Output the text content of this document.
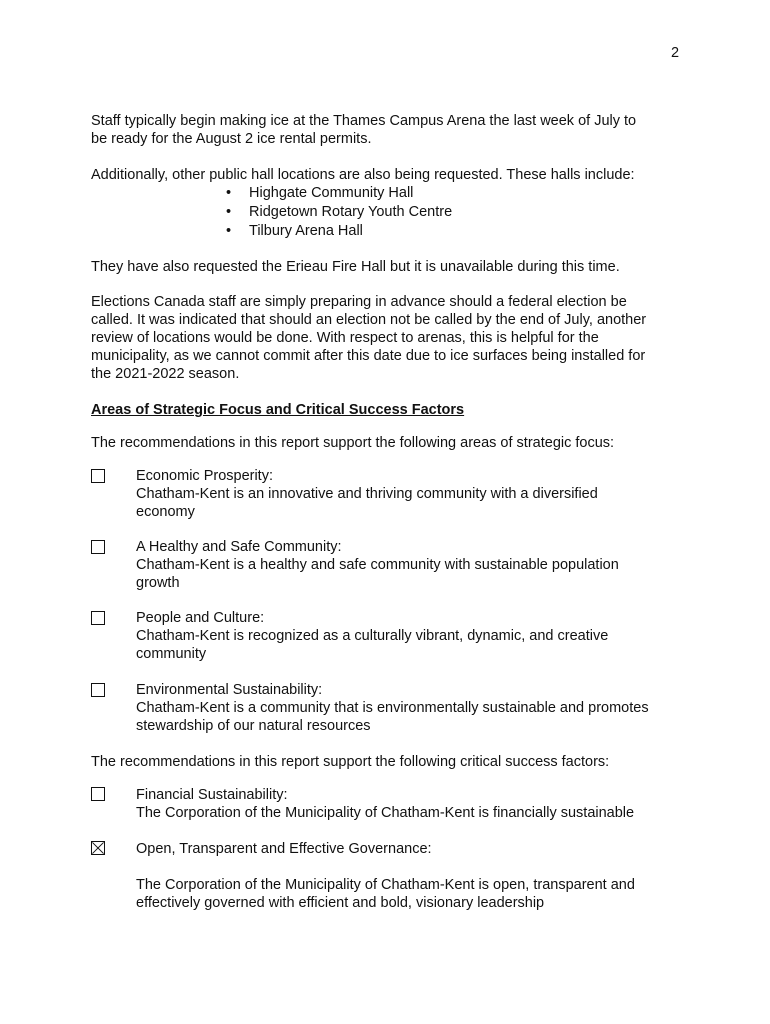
2
Staff typically begin making ice at the Thames Campus Arena the last week of July to
be ready for the August 2 ice rental permits.
Additionally, other public hall locations are also being requested. These halls include:
• Highgate Community Hall
• Ridgetown Rotary Youth Centre
• Tilbury Arena Hall
They have also requested the Erieau Fire Hall but it is unavailable during this time.
Elections Canada staff are simply preparing in advance should a federal election be
called. It was indicated that should an election not be called by the end of July, another
review of locations would be done. With respect to arenas, this is helpful for the
municipality, as we cannot commit after this date due to ice surfaces being installed for
the 2021-2022 season.
Areas of Strategic Focus and Critical Success Factors
The recommendations in this report support the following areas of strategic focus:
Economic Prosperity:
Chatham-Kent is an innovative and thriving community with a diversified
economy
A Healthy and Safe Community:
Chatham-Kent is a healthy and safe community with sustainable population
growth
People and Culture:
Chatham-Kent is recognized as a culturally vibrant, dynamic, and creative
community
Environmental Sustainability:
Chatham-Kent is a community that is environmentally sustainable and promotes
stewardship of our natural resources
The recommendations in this report support the following critical success factors:
Financial Sustainability:
The Corporation of the Municipality of Chatham-Kent is financially sustainable
Open, Transparent and Effective Governance:
The Corporation of the Municipality of Chatham-Kent is open, transparent and
effectively governed with efficient and bold, visionary leadership
